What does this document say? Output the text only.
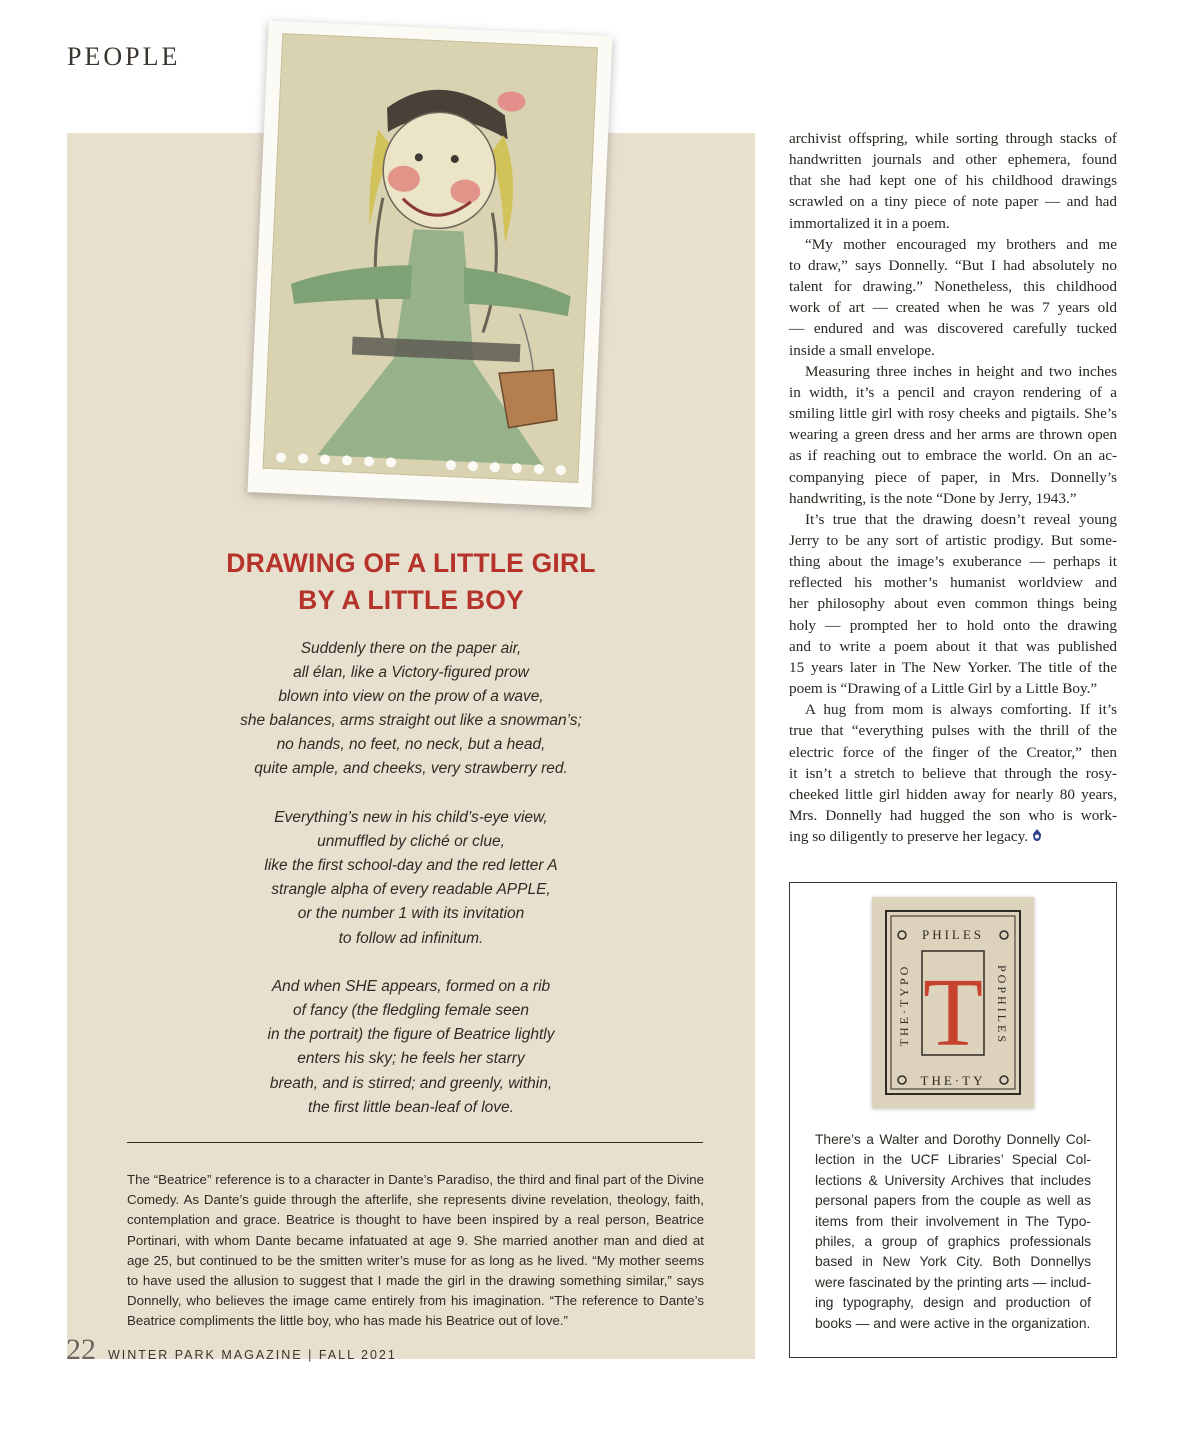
PEOPLE
DRAWING OF A LITTLE GIRL
BY A LITTLE BOY
Suddenly there on the paper air,
all élan, like a Victory-figured prow
blown into view on the prow of a wave,
she balances, arms straight out like a snowman’s;
no hands, no feet, no neck, but a head,
quite ample, and cheeks, very strawberry red.
Everything’s new in his child’s-eye view,
unmuffled by cliché or clue,
like the first school-day and the red letter A
strangle alpha of every readable APPLE,
or the number 1 with its invitation
to follow ad infinitum.
And when SHE appears, formed on a rib
of fancy (the fledgling female seen
in the portrait) the figure of Beatrice lightly
enters his sky; he feels her starry
breath, and is stirred; and greenly, within,
the first little bean-leaf of love.
The “Beatrice” reference is to a character in Dante’s Paradiso, the third and final part of the Divine
Comedy. As Dante’s guide through the afterlife, she represents divine revelation, theology, faith,
contemplation and grace. Beatrice is thought to have been inspired by a real person, Beatrice
Portinari, with whom Dante became infatuated at age 9. She married another man and died at
age 25, but continued to be the smitten writer’s muse for as long as he lived. “My mother seems
to have used the allusion to suggest that I made the girl in the drawing something similar,” says
Donnelly, who believes the image came entirely from his imagination. “The reference to Dante’s
Beatrice compliments the little boy, who has made his Beatrice out of love.”
archivist offspring, while sorting through stacks of
handwritten journals and other ephemera, found
that she had kept one of his childhood drawings
scrawled on a tiny piece of note paper — and had
immortalized it in a poem.
“My mother encouraged my brothers and me
to draw,” says Donnelly. “But I had absolutely no
talent for drawing.” Nonetheless, this childhood
work of art — created when he was 7 years old
— endured and was discovered carefully tucked
inside a small envelope.
Measuring three inches in height and two inches
in width, it’s a pencil and crayon rendering of a
smiling little girl with rosy cheeks and pigtails. She’s
wearing a green dress and her arms are thrown open
as if reaching out to embrace the world. On an ac-
companying piece of paper, in Mrs. Donnelly’s
handwriting, is the note “Done by Jerry, 1943.”
It’s true that the drawing doesn’t reveal young
Jerry to be any sort of artistic prodigy. But some-
thing about the image’s exuberance — perhaps it
reflected his mother’s humanist worldview and
her philosophy about even common things being
holy — prompted her to hold onto the drawing
and to write a poem about it that was published
15 years later in The New Yorker. The title of the
poem is “Drawing of a Little Girl by a Little Boy.”
A hug from mom is always comforting. If it’s
true that “everything pulses with the thrill of the
electric force of the finger of the Creator,” then
it isn’t a stretch to believe that through the rosy-
cheeked little girl hidden away for nearly 80 years,
Mrs. Donnelly had hugged the son who is work-
ing so diligently to preserve her legacy.
PHILES
THE·TY
THE·TYPO	POPHILES
T
There’s a Walter and Dorothy Donnelly Col-
lection in the UCF Libraries’ Special Col-
lections & University Archives that includes
personal papers from the couple as well as
items from their involvement in The Typo-
philes, a group of graphics professionals
based in New York City. Both Donnellys
were fascinated by the printing arts — includ-
ing typography, design and production of
books — and were active in the organization.
22 WINTER PARK MAGAZINE | FALL 2021
